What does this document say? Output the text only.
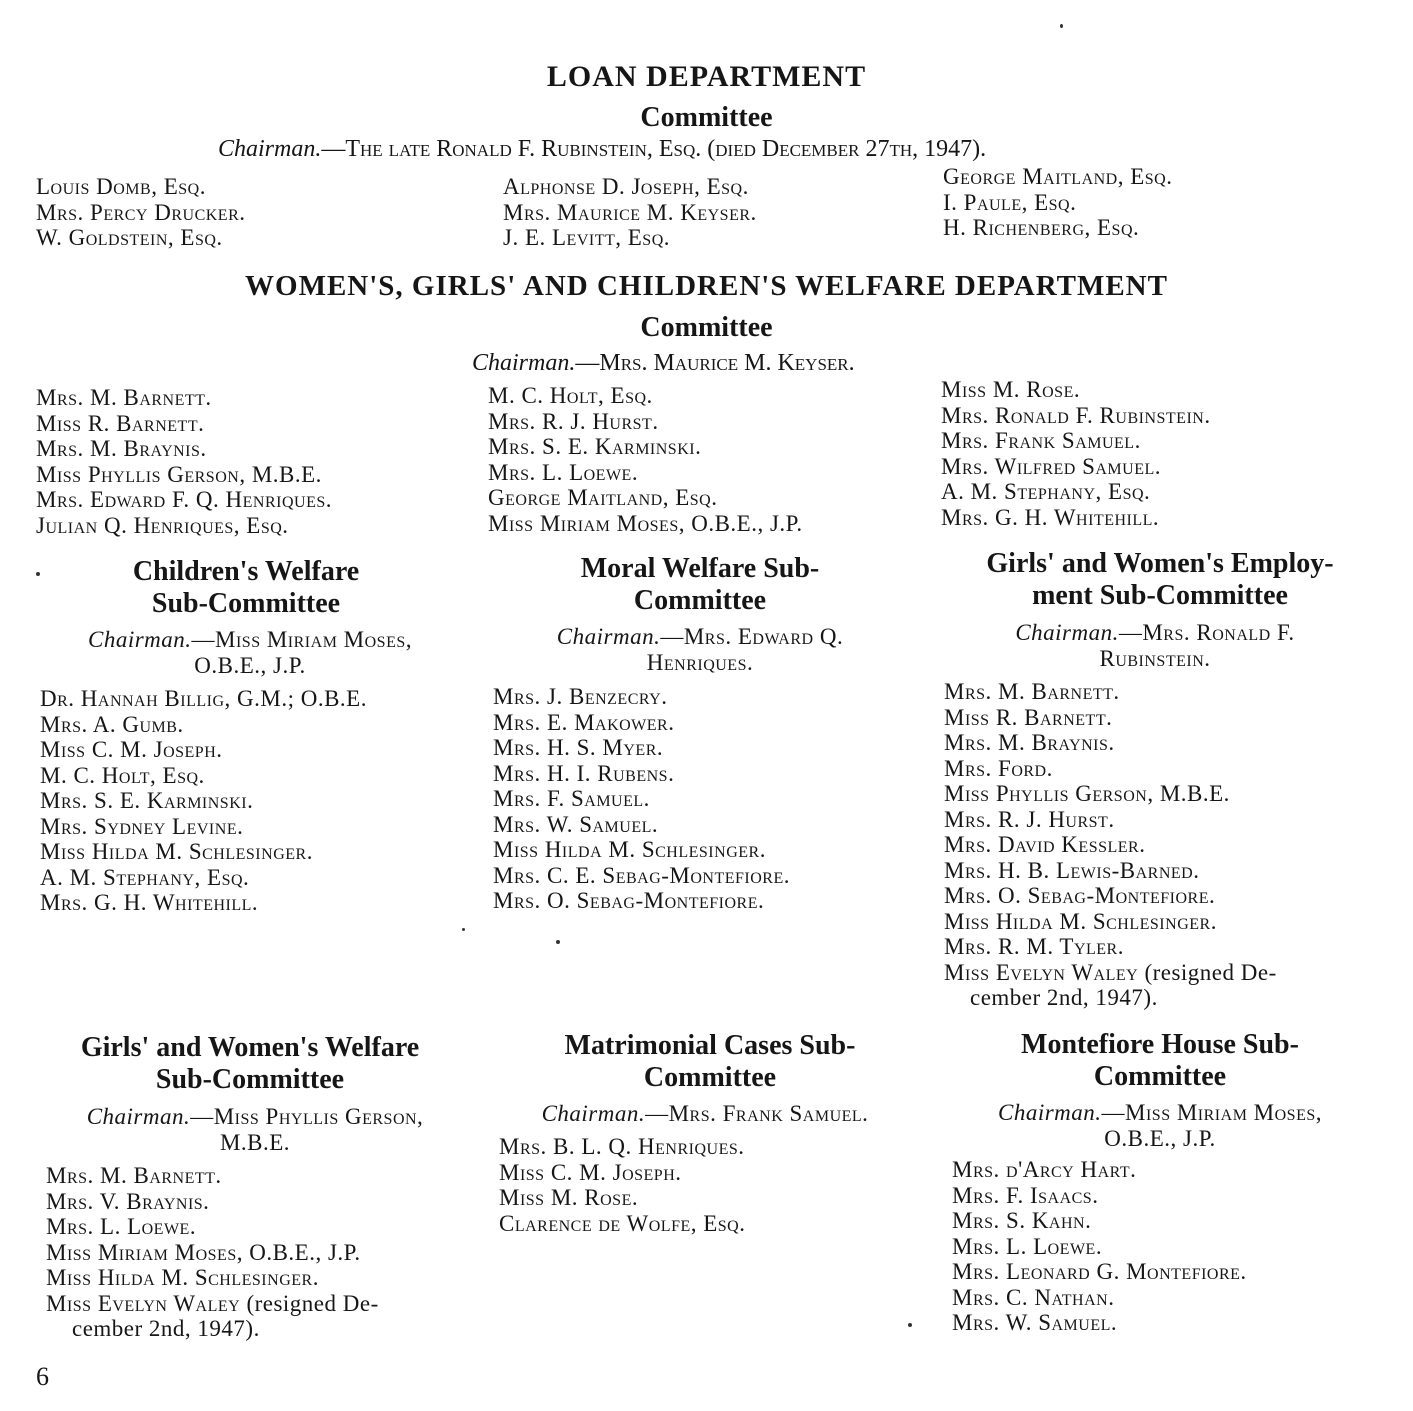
LOAN DEPARTMENT
Committee
Chairman.—The late Ronald F. Rubinstein, Esq. (died December 27th, 1947).
Louis Domb, Esq.
Mrs. Percy Drucker.
W. Goldstein, Esq.
Alphonse D. Joseph, Esq.
Mrs. Maurice M. Keyser.
J. E. Levitt, Esq.
George Maitland, Esq.
I. Paule, Esq.
H. Richenberg, Esq.
WOMEN'S, GIRLS' AND CHILDREN'S WELFARE DEPARTMENT
Committee
Chairman.—Mrs. Maurice M. Keyser.
Mrs. M. Barnett.
Miss R. Barnett.
Mrs. M. Braynis.
Miss Phyllis Gerson, M.B.E.
Mrs. Edward F. Q. Henriques.
Julian Q. Henriques, Esq.
M. C. Holt, Esq.
Mrs. R. J. Hurst.
Mrs. S. E. Karminski.
Mrs. L. Loewe.
George Maitland, Esq.
Miss Miriam Moses, O.B.E., J.P.
Miss M. Rose.
Mrs. Ronald F. Rubinstein.
Mrs. Frank Samuel.
Mrs. Wilfred Samuel.
A. M. Stephany, Esq.
Mrs. G. H. Whitehill.
Children's Welfare
Sub-Committee
Chairman.—Miss Miriam Moses,
O.B.E., J.P.
Dr. Hannah Billig, G.M.; O.B.E.
Mrs. A. Gumb.
Miss C. M. Joseph.
M. C. Holt, Esq.
Mrs. S. E. Karminski.
Mrs. Sydney Levine.
Miss Hilda M. Schlesinger.
A. M. Stephany, Esq.
Mrs. G. H. Whitehill.
Moral Welfare Sub-
Committee
Chairman.—Mrs. Edward Q.
Henriques.
Mrs. J. Benzecry.
Mrs. E. Makower.
Mrs. H. S. Myer.
Mrs. H. I. Rubens.
Mrs. F. Samuel.
Mrs. W. Samuel.
Miss Hilda M. Schlesinger.
Mrs. C. E. Sebag-Montefiore.
Mrs. O. Sebag-Montefiore.
Girls' and Women's Employ-
ment Sub-Committee
Chairman.—Mrs. Ronald F.
Rubinstein.
Mrs. M. Barnett.
Miss R. Barnett.
Mrs. M. Braynis.
Mrs. Ford.
Miss Phyllis Gerson, M.B.E.
Mrs. R. J. Hurst.
Mrs. David Kessler.
Mrs. H. B. Lewis-Barned.
Mrs. O. Sebag-Montefiore.
Miss Hilda M. Schlesinger.
Mrs. R. M. Tyler.
Miss Evelyn Waley (resigned De-
cember 2nd, 1947).
Girls' and Women's Welfare
Sub-Committee
Chairman.—Miss Phyllis Gerson,
M.B.E.
Mrs. M. Barnett.
Mrs. V. Braynis.
Mrs. L. Loewe.
Miss Miriam Moses, O.B.E., J.P.
Miss Hilda M. Schlesinger.
Miss Evelyn Waley (resigned De-
cember 2nd, 1947).
Matrimonial Cases Sub-
Committee
Chairman.—Mrs. Frank Samuel.
Mrs. B. L. Q. Henriques.
Miss C. M. Joseph.
Miss M. Rose.
Clarence de Wolfe, Esq.
Montefiore House Sub-
Committee
Chairman.—Miss Miriam Moses,
O.B.E., J.P.
Mrs. d'Arcy Hart.
Mrs. F. Isaacs.
Mrs. S. Kahn.
Mrs. L. Loewe.
Mrs. Leonard G. Montefiore.
Mrs. C. Nathan.
Mrs. W. Samuel.
6
